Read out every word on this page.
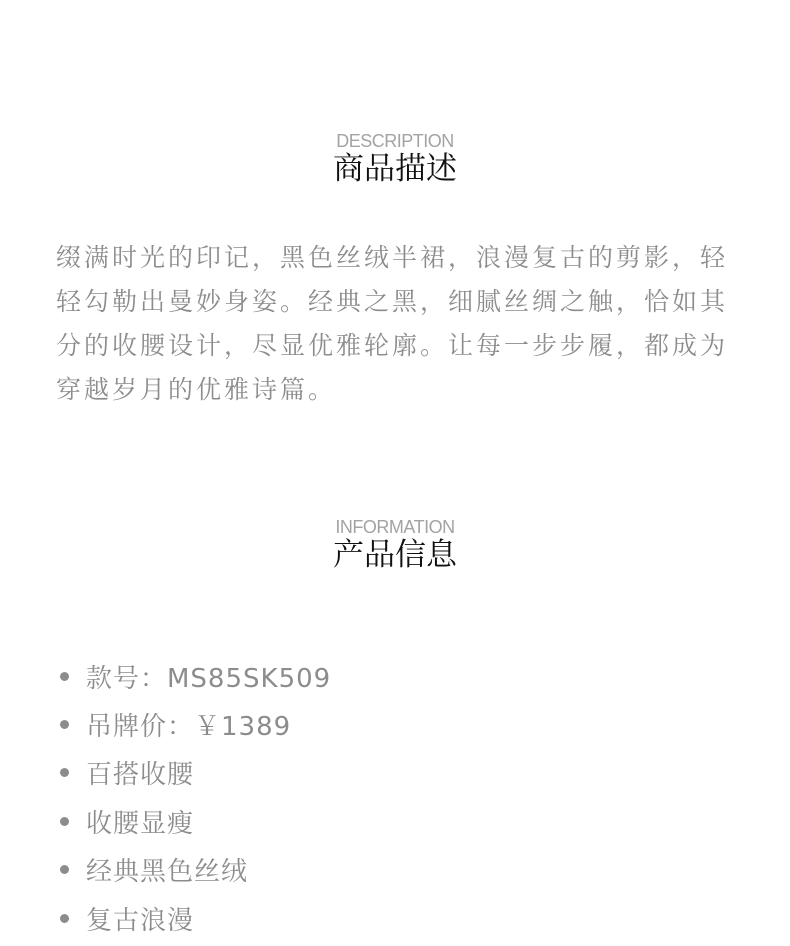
DESCRIPTION
商品描述

缀满时光的印记，黑色丝绒半裙，浪漫复古的剪影，轻轻勾勒出曼妙身姿。经典之黑，细腻丝绸之触，恰如其分的收腰设计，尽显优雅轮廓。让每一步步履，都成为穿越岁月的优雅诗篇。

INFORMATION
产品信息
款号：MS85SK509
吊牌价：￥1389
百搭收腰
收腰显瘦
经典黑色丝绒
复古浪漫
